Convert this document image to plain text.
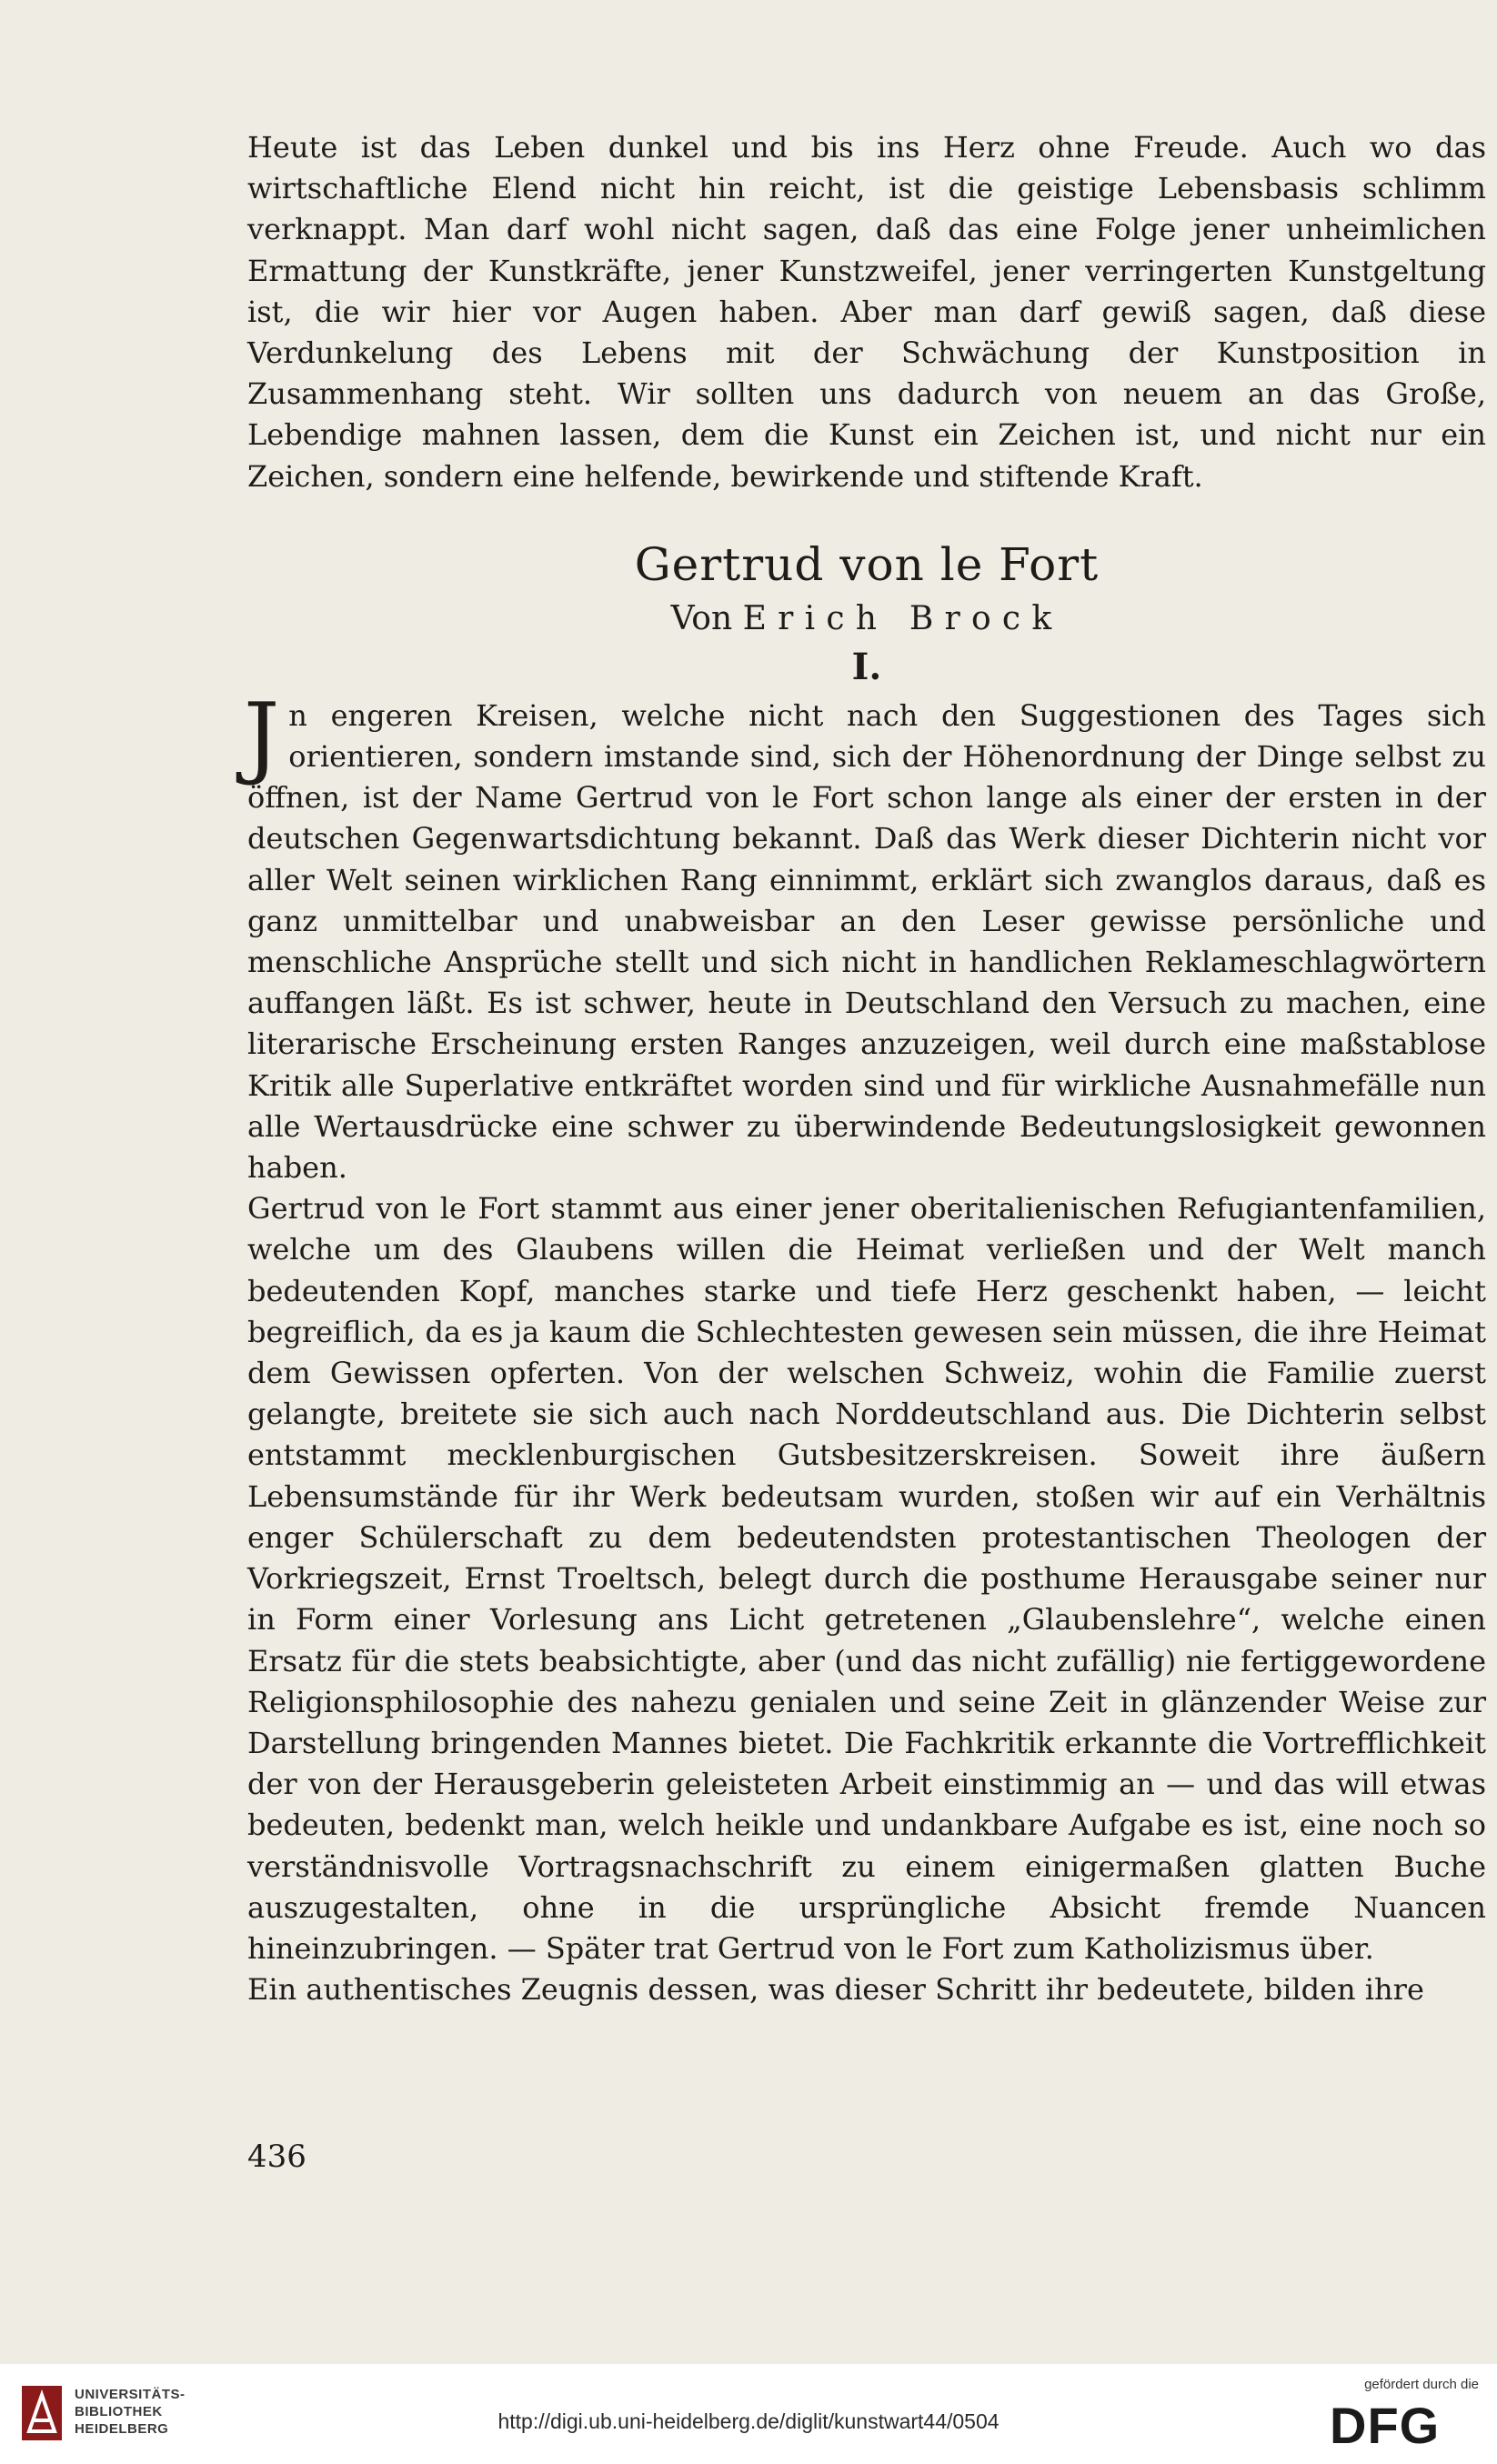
Heute ist das Leben dunkel und bis ins Herz ohne Freude. Auch wo das wirtschaftliche Elend nicht hin reicht, ist die geistige Lebensbasis schlimm verknappt. Man darf wohl nicht sagen, daß das eine Folge jener unheimlichen Ermattung der Kunstkräfte, jener Kunstzweifel, jener verringerten Kunstgeltung ist, die wir hier vor Augen haben. Aber man darf gewiß sagen, daß diese Verdunkelung des Lebens mit der Schwächung der Kunstposition in Zusammenhang steht. Wir sollten uns dadurch von neuem an das Große, Lebendige mahnen lassen, dem die Kunst ein Zeichen ist, und nicht nur ein Zeichen, sondern eine helfende, bewirkende und stiftende Kraft.

Gertrud von le Fort
Von Erich Brock
I.

Jn engeren Kreisen, welche nicht nach den Suggestionen des Tages sich orientieren, sondern imstande sind, sich der Höhenordnung der Dinge selbst zu öffnen, ist der Name Gertrud von le Fort schon lange als einer der ersten in der deutschen Gegenwartsdichtung bekannt. Daß das Werk dieser Dichterin nicht vor aller Welt seinen wirklichen Rang einnimmt, erklärt sich zwanglos daraus, daß es ganz unmittelbar und unabweisbar an den Leser gewisse persönliche und menschliche Ansprüche stellt und sich nicht in handlichen Reklameschlagwörtern auffangen läßt. Es ist schwer, heute in Deutschland den Versuch zu machen, eine literarische Erscheinung ersten Ranges anzuzeigen, weil durch eine maßstablose Kritik alle Superlative entkräftet worden sind und für wirkliche Ausnahmefälle nun alle Wertausdrücke eine schwer zu überwindende Bedeutungslosigkeit gewonnen haben.

Gertrud von le Fort stammt aus einer jener oberitalienischen Refugiantenfamilien, welche um des Glaubens willen die Heimat verließen und der Welt manch bedeutenden Kopf, manches starke und tiefe Herz geschenkt haben, — leicht begreiflich, da es ja kaum die Schlechtesten gewesen sein müssen, die ihre Heimat dem Gewissen opferten. Von der welschen Schweiz, wohin die Familie zuerst gelangte, breitete sie sich auch nach Norddeutschland aus. Die Dichterin selbst entstammt mecklenburgischen Gutsbesitzerskreisen. Soweit ihre äußern Lebensumstände für ihr Werk bedeutsam wurden, stoßen wir auf ein Verhältnis enger Schülerschaft zu dem bedeutendsten protestantischen Theologen der Vorkriegszeit, Ernst Troeltsch, belegt durch die posthume Herausgabe seiner nur in Form einer Vorlesung ans Licht getretenen „Glaubenslehre“, welche einen Ersatz für die stets beabsichtigte, aber (und das nicht zufällig) nie fertiggewordene Religionsphilosophie des nahezu genialen und seine Zeit in glänzender Weise zur Darstellung bringenden Mannes bietet. Die Fachkritik erkannte die Vortrefflichkeit der von der Herausgeberin geleisteten Arbeit einstimmig an — und das will etwas bedeuten, bedenkt man, welch heikle und undankbare Aufgabe es ist, eine noch so verständnisvolle Vortragsnachschrift zu einem einigermaßen glatten Buche auszugestalten, ohne in die ursprüngliche Absicht fremde Nuancen hineinzubringen. — Später trat Gertrud von le Fort zum Katholizismus über.

Ein authentisches Zeugnis dessen, was dieser Schritt ihr bedeutete, bilden ihre

436
UNIVERSITÄTS-
BIBLIOTHEK
HEIDELBERG	http://digi.ub.uni-heidelberg.de/diglit/kunstwart44/0504
gefördert durch die
DFG
